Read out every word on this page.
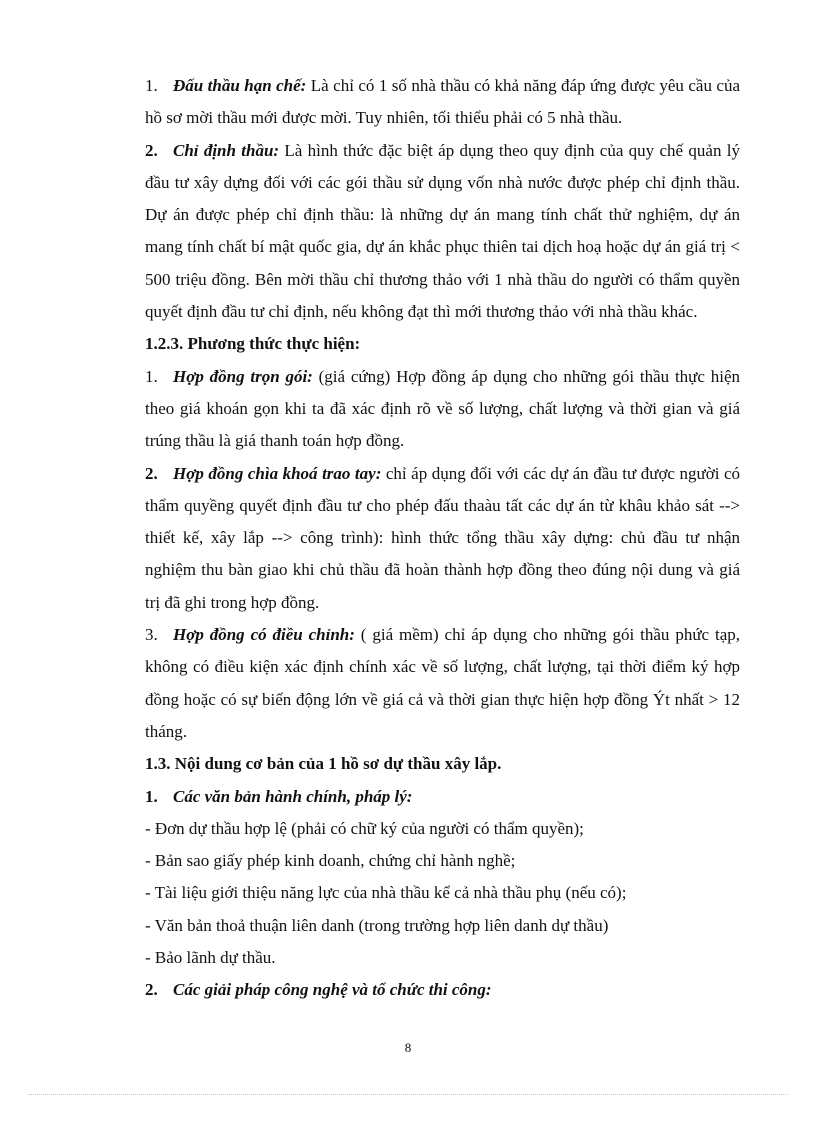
1. Đấu thầu hạn chế: Là chỉ có 1 số nhà thầu có khả năng đáp ứng được yêu cầu của hồ sơ mời thầu mới được mời. Tuy nhiên, tối thiểu phải có 5 nhà thầu.

2. Chỉ định thầu: Là hình thức đặc biệt áp dụng theo quy định của quy chế quản lý đầu tư xây dựng đối với các gói thầu sử dụng vốn nhà nước được phép chỉ định thầu. Dự án được phép chỉ định thầu: là những dự án mang tính chất thử nghiệm, dự án mang tính chất bí mật quốc gia, dự án khắc phục thiên tai dịch hoạ hoặc dự án giá trị < 500 triệu đồng. Bên mời thầu chỉ thương thảo với 1 nhà thầu do người có thẩm quyền quyết định đầu tư chỉ định, nếu không đạt thì mới thương thảo với nhà thầu khác.

1.2.3. Phương thức thực hiện:

1. Hợp đồng trọn gói: (giá cứng) Hợp đồng áp dụng cho những gói thầu thực hiện theo giá khoán gọn khi ta đã xác định rõ về số lượng, chất lượng và thời gian và giá trúng thầu là giá thanh toán hợp đồng.

2. Hợp đồng chìa khoá trao tay: chỉ áp dụng đối với các dự án đầu tư được người có thẩm quyềng quyết định đầu tư cho phép đấu thaàu tất các dự án từ khâu khảo sát --> thiết kế, xây lắp --> công trình): hình thức tổng thầu xây dựng: chủ đầu tư nhận nghiệm thu bàn giao khi chủ thầu đã hoàn thành hợp đồng theo đúng nội dung và giá trị đã ghi trong hợp đồng.

3. Hợp đồng có điều chỉnh: ( giá mềm) chỉ áp dụng cho những gói thầu phức tạp, không có điều kiện xác định chính xác về số lượng, chất lượng, tại thời điểm ký hợp đồng hoặc có sự biến động lớn về giá cả và thời gian thực hiện hợp đồng Ýt nhất > 12 tháng.

1.3. Nội dung cơ bản của 1 hồ sơ dự thầu xây lắp.

1. Các văn bản hành chính, pháp lý:

- Đơn dự thầu hợp lệ (phải có chữ ký của người có thẩm quyền);

- Bản sao giấy phép kinh doanh, chứng chỉ hành nghề;

- Tài liệu giới thiệu năng lực của nhà thầu kể cả nhà thầu phụ (nếu có);

- Văn bản thoả thuận liên danh (trong trường hợp liên danh dự thầu)

- Bảo lãnh dự thầu.

2. Các giải pháp công nghệ và tổ chức thi công:

8
